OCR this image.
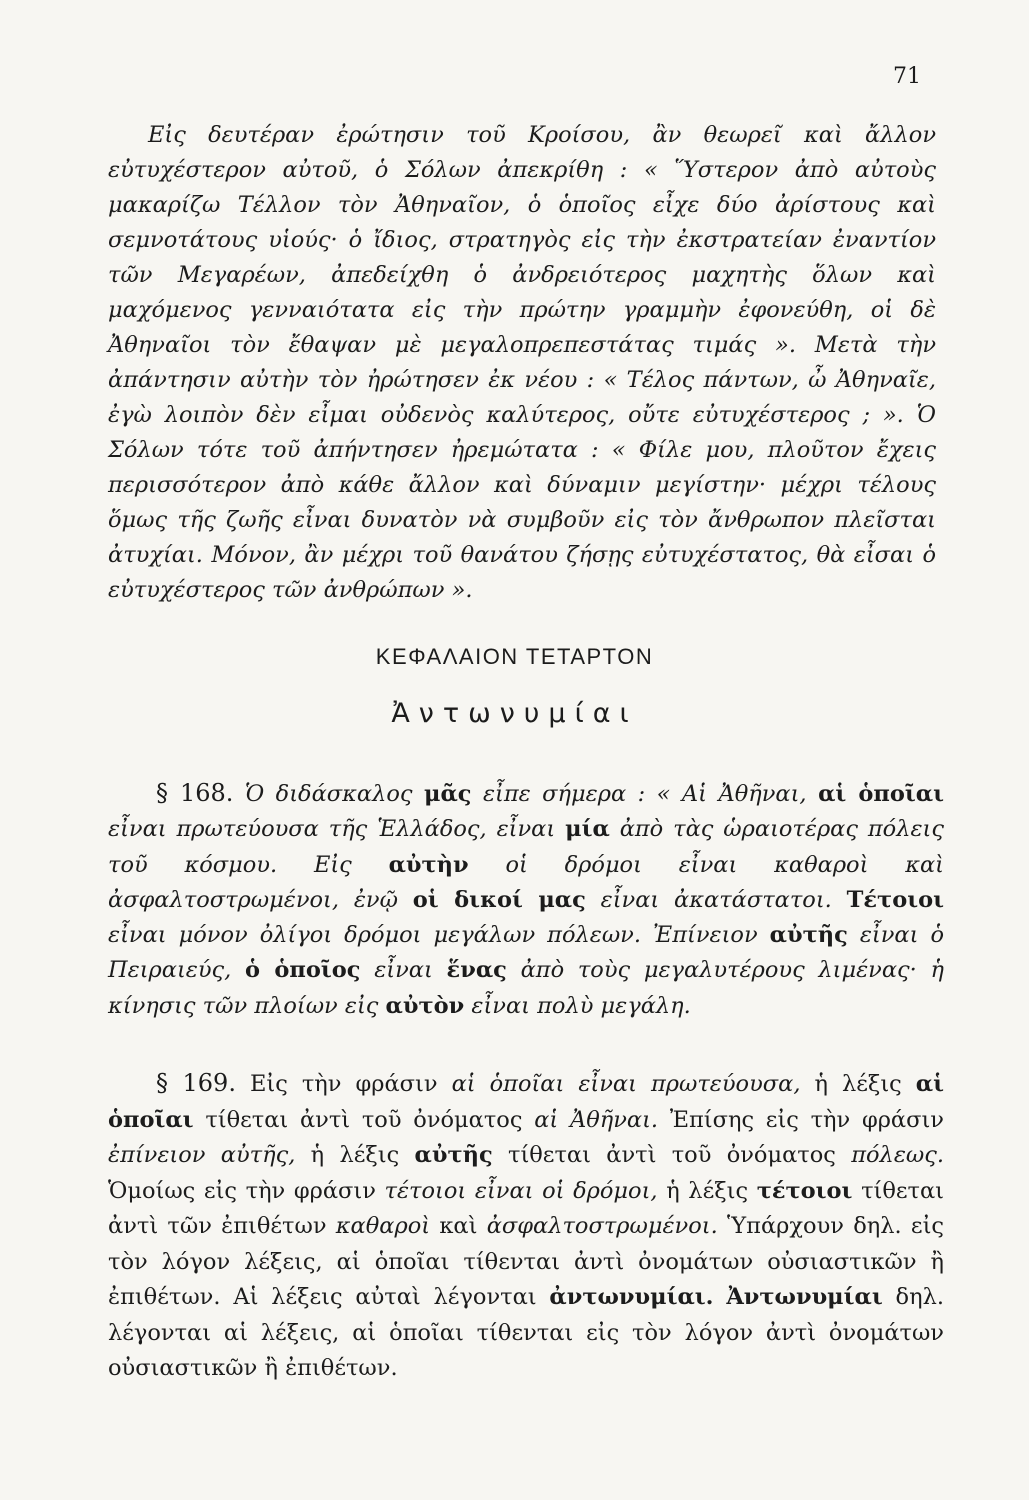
71

Εἰς δευτέραν ἐρώτησιν τοῦ Κροίσου, ἂν θεωρεῖ καὶ ἄλλον εὐτυχέστερον αὐτοῦ, ὁ Σόλων ἀπεκρίθη : « Ὕστερον ἀπὸ αὐτοὺς μακαρίζω Τέλλον τὸν Ἀθηναῖον, ὁ ὁποῖος εἶχε δύο ἀρίστους καὶ σεμνοτάτους υἱούς· ὁ ἴδιος, στρατηγὸς εἰς τὴν ἐκστρατείαν ἐναντίον τῶν Μεγαρέων, ἀπεδείχθη ὁ ἀνδρειότερος μαχητὴς ὅλων καὶ μαχόμενος γενναιότατα εἰς τὴν πρώτην γραμμὴν ἐφονεύθη, οἱ δὲ Ἀθηναῖοι τὸν ἔθαψαν μὲ μεγαλοπρεπεστάτας τιμάς ». Μετὰ τὴν ἀπάντησιν αὐτὴν τὸν ἠρώτησεν ἐκ νέου : « Τέλος πάντων, ὦ Ἀθηναῖε, ἐγὼ λοιπὸν δὲν εἶμαι οὐδενὸς καλύτερος, οὔτε εὐτυχέστερος ; ». Ὁ Σόλων τότε τοῦ ἀπήντησεν ἠρεμώτατα : « Φίλε μου, πλοῦτον ἔχεις περισσότερον ἀπὸ κάθε ἄλλον καὶ δύναμιν μεγίστην· μέχρι τέλους ὅμως τῆς ζωῆς εἶναι δυνατὸν νὰ συμβοῦν εἰς τὸν ἄνθρωπον πλεῖσται ἀτυχίαι. Μόνον, ἂν μέχρι τοῦ θανάτου ζήσῃς εὐτυχέστατος, θὰ εἶσαι ὁ εὐτυχέστερος τῶν ἀνθρώπων ».

ΚΕΦΑΛΑΙΟΝ ΤΕΤΑΡΤΟΝ
Ἀντωνυμίαι

§ 168. Ὁ διδάσκαλος μᾶς εἶπε σήμερα : « Αἱ Ἀθῆναι, αἱ ὁποῖαι εἶναι πρωτεύουσα τῆς Ἑλλάδος, εἶναι μία ἀπὸ τὰς ὡραιοτέρας πόλεις τοῦ κόσμου. Εἰς αὐτὴν οἱ δρόμοι εἶναι καθαροὶ καὶ ἀσφαλτοστρωμένοι, ἐνῷ οἱ δικοί μας εἶναι ἀκατάστατοι. Τέτοιοι εἶναι μόνον ὀλίγοι δρόμοι μεγάλων πόλεων. Ἐπίνειον αὐτῆς εἶναι ὁ Πειραιεύς, ὁ ὁποῖος εἶναι ἕνας ἀπὸ τοὺς μεγαλυτέρους λιμένας· ἡ κίνησις τῶν πλοίων εἰς αὐτὸν εἶναι πολὺ μεγάλη.

§ 169. Εἰς τὴν φράσιν αἱ ὁποῖαι εἶναι πρωτεύουσα, ἡ λέξις αἱ ὁποῖαι τίθεται ἀντὶ τοῦ ὀνόματος αἱ Ἀθῆναι. Ἐπίσης εἰς τὴν φράσιν ἐπίνειον αὐτῆς, ἡ λέξις αὐτῆς τίθεται ἀντὶ τοῦ ὀνόματος πόλεως. Ὁμοίως εἰς τὴν φράσιν τέτοιοι εἶναι οἱ δρόμοι, ἡ λέξις τέτοιοι τίθεται ἀντὶ τῶν ἐπιθέτων καθαροὶ καὶ ἀσφαλτοστρωμένοι. Ὑπάρχουν δηλ. εἰς τὸν λόγον λέξεις, αἱ ὁποῖαι τίθενται ἀντὶ ὀνομάτων οὐσιαστικῶν ἢ ἐπιθέτων. Αἱ λέξεις αὐταὶ λέγονται ἀντωνυμίαι. Ἀντωνυμίαι δηλ. λέγονται αἱ λέξεις, αἱ ὁποῖαι τίθενται εἰς τὸν λόγον ἀντὶ ὀνομάτων οὐσιαστικῶν ἢ ἐπιθέτων.
